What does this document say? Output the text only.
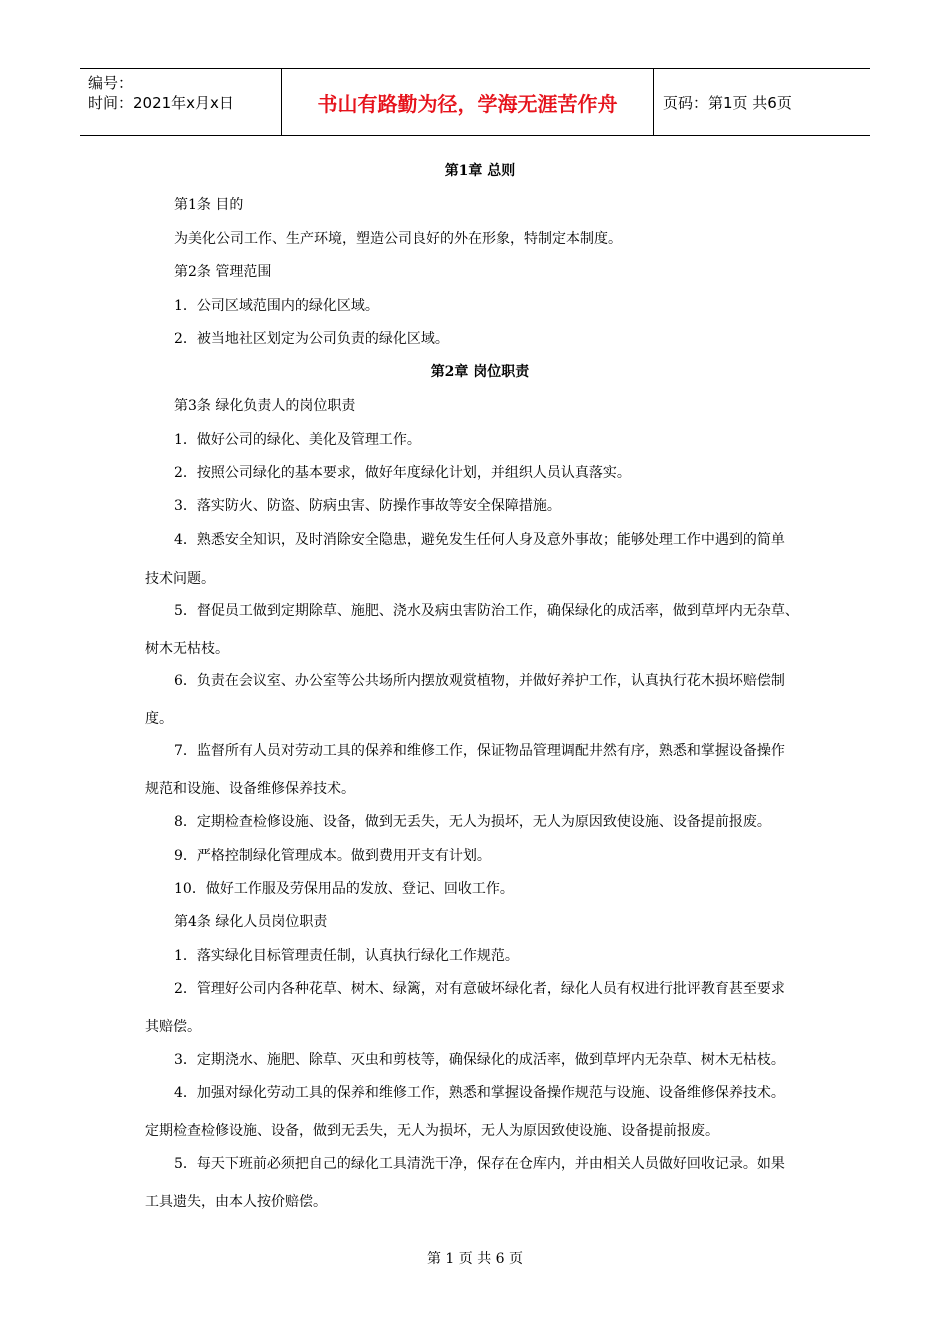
编号：
时间：2021年x月x日	书山有路勤为径，学海无涯苦作舟	页码：第1页 共6页
第1章 总则
第1条 目的
为美化公司工作、生产环境，塑造公司良好的外在形象，特制定本制度。
第2条 管理范围
1．公司区域范围内的绿化区域。
2．被当地社区划定为公司负责的绿化区域。
第2章 岗位职责
第3条 绿化负责人的岗位职责
1．做好公司的绿化、美化及管理工作。
2．按照公司绿化的基本要求，做好年度绿化计划，并组织人员认真落实。
3．落实防火、防盗、防病虫害、防操作事故等安全保障措施。
4．熟悉安全知识，及时消除安全隐患，避免发生任何人身及意外事故；能够处理工作中遇到的简单
技术问题。
5．督促员工做到定期除草、施肥、浇水及病虫害防治工作，确保绿化的成活率，做到草坪内无杂草、
树木无枯枝。
6．负责在会议室、办公室等公共场所内摆放观赏植物，并做好养护工作，认真执行花木损坏赔偿制
度。
7．监督所有人员对劳动工具的保养和维修工作，保证物品管理调配井然有序，熟悉和掌握设备操作
规范和设施、设备维修保养技术。
8．定期检查检修设施、设备，做到无丢失，无人为损坏，无人为原因致使设施、设备提前报废。
9．严格控制绿化管理成本。做到费用开支有计划。
10．做好工作服及劳保用品的发放、登记、回收工作。
第4条 绿化人员岗位职责
1．落实绿化目标管理责任制，认真执行绿化工作规范。
2．管理好公司内各种花草、树木、绿篱，对有意破坏绿化者，绿化人员有权进行批评教育甚至要求
其赔偿。
3．定期浇水、施肥、除草、灭虫和剪枝等，确保绿化的成活率，做到草坪内无杂草、树木无枯枝。
4．加强对绿化劳动工具的保养和维修工作，熟悉和掌握设备操作规范与设施、设备维修保养技术。
定期检查检修设施、设备，做到无丢失，无人为损坏，无人为原因致使设施、设备提前报废。
5．每天下班前必须把自己的绿化工具清洗干净，保存在仓库内，并由相关人员做好回收记录。如果
工具遗失，由本人按价赔偿。
第 1 页 共 6 页
